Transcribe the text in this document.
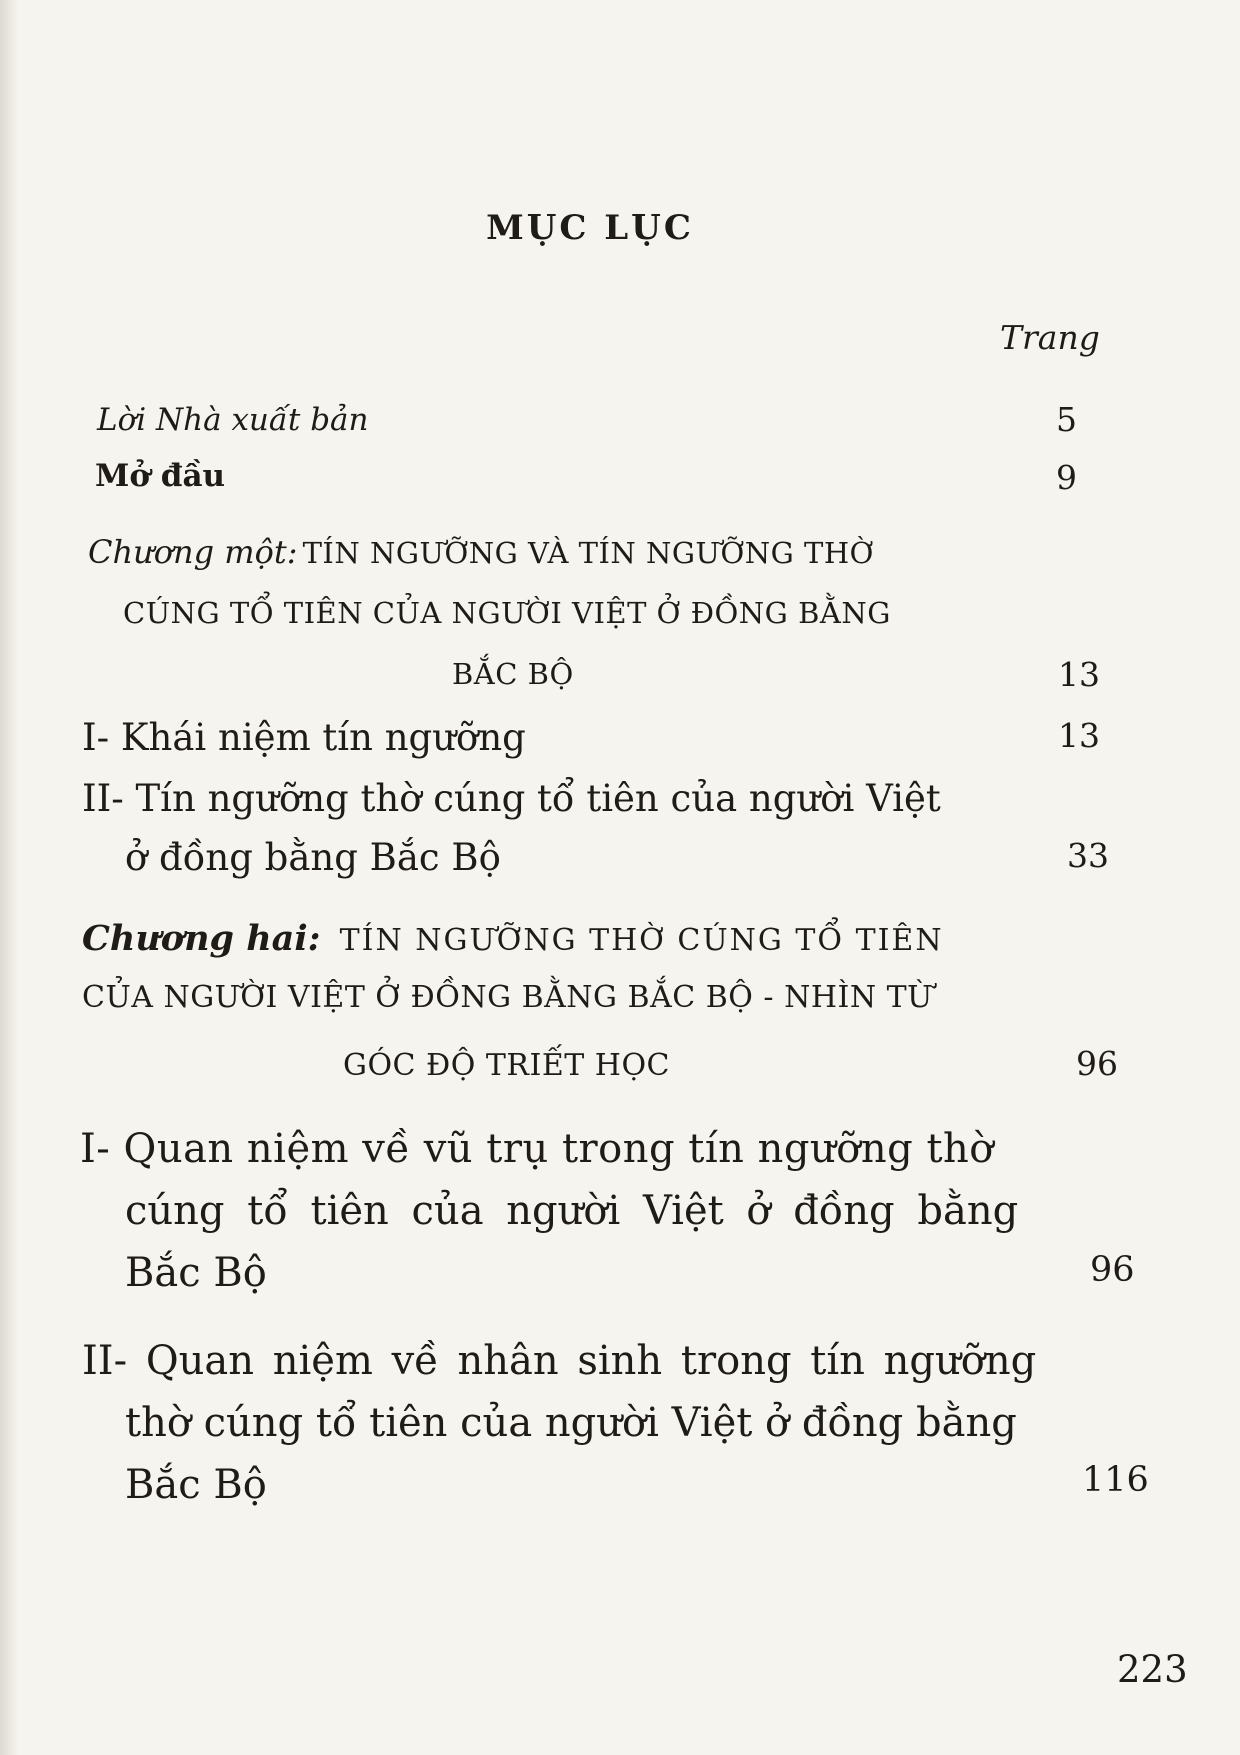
MỤC LỤC
Trang
Lời Nhà xuất bản	5
Mở đầu	9
Chương một: TÍN NGƯỠNG VÀ TÍN NGƯỠNG THỜ
CÚNG TỔ TIÊN CỦA NGƯỜI VIỆT Ở ĐỒNG BẰNG
BẮC BỘ	13
I- Khái niệm tín ngưỡng	13
II- Tín ngưỡng thờ cúng tổ tiên của người Việt
ở đồng bằng Bắc Bộ	33
Chương hai: TÍN NGƯỠNG THỜ CÚNG TỔ TIÊN
CỦA NGƯỜI VIỆT Ở ĐỒNG BẰNG BẮC BỘ - NHÌN TỪ
GÓC ĐỘ TRIẾT HỌC	96
I- Quan niệm về vũ trụ trong tín ngưỡng thờ
cúng tổ tiên của người Việt ở đồng bằng
Bắc Bộ	96
II- Quan niệm về nhân sinh trong tín ngưỡng
thờ cúng tổ tiên của người Việt ở đồng bằng
Bắc Bộ	116
223
